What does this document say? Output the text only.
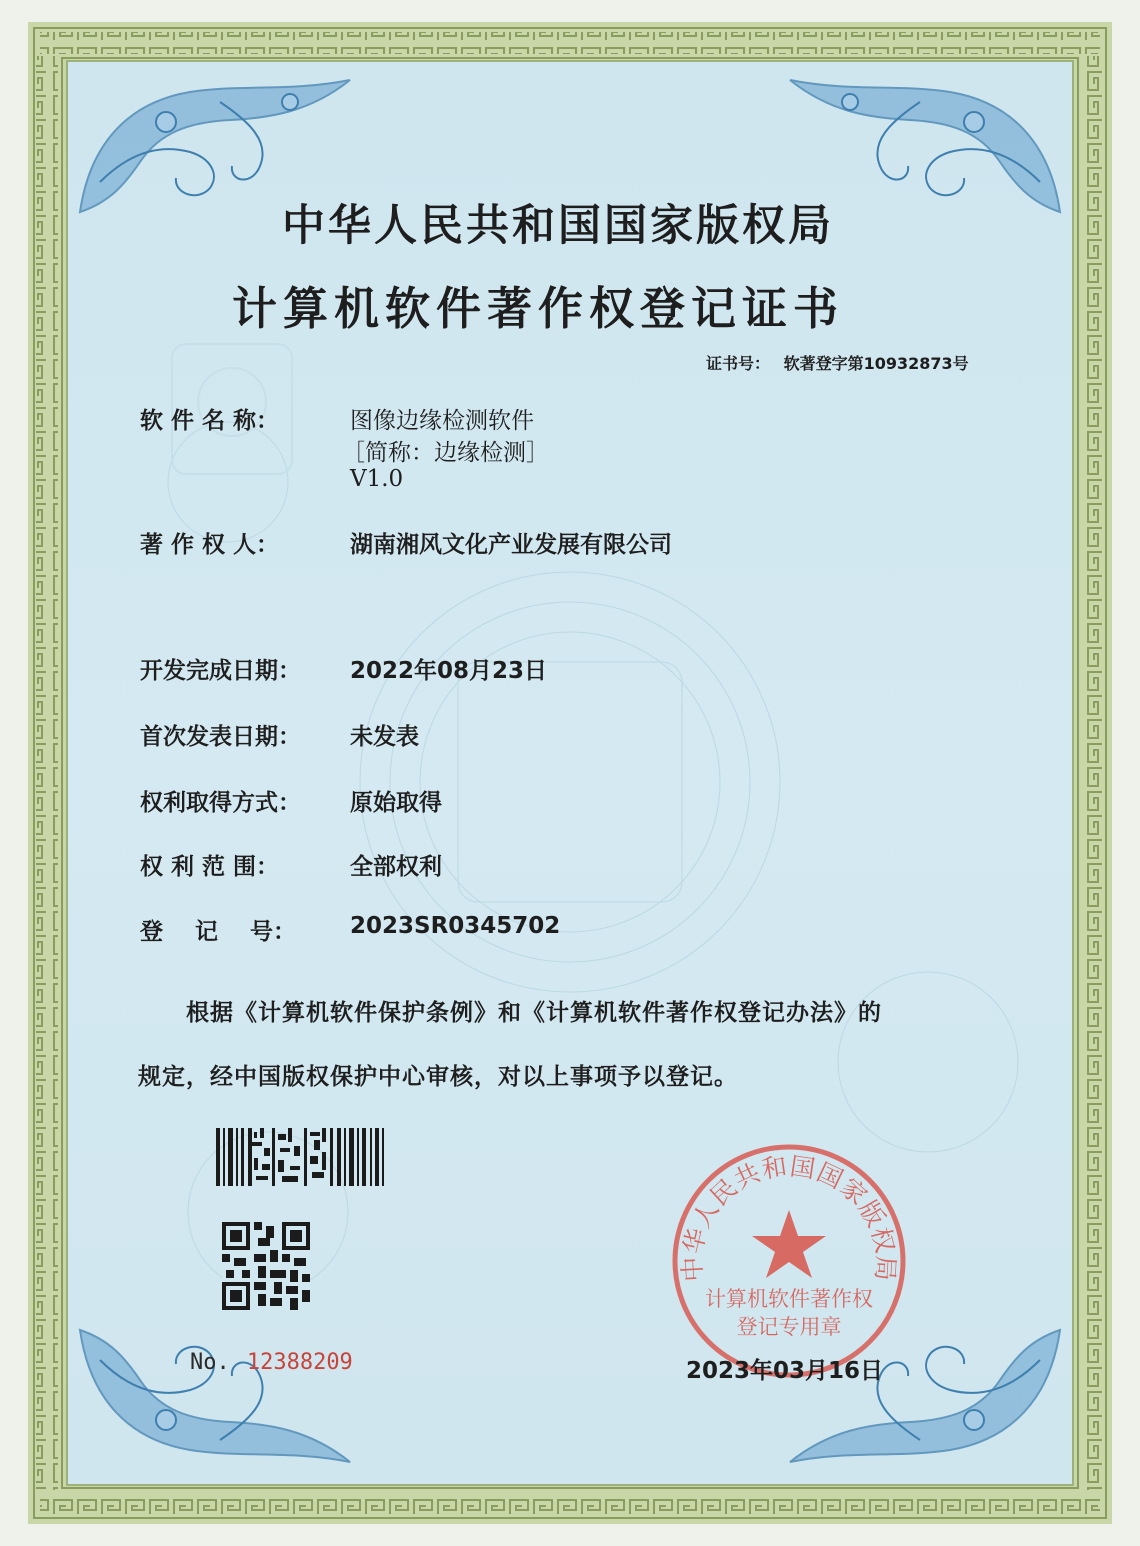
中华人民共和国国家版权局
计算机软件著作权登记证书
证书号： 软著登字第10932873号
软 件 名 称：	图像边缘检测软件
［简称：边缘检测］
V1.0
著 作 权 人：	湖南湘风文化产业发展有限公司
开发完成日期： 2022年08月23日
首次发表日期： 未发表
权利取得方式： 原始取得
权 利 范 围：	全部权利
登    记    号： 2023SR0345702
根据《计算机软件保护条例》和《计算机软件著作权登记办法》的
规定，经中国版权保护中心审核，对以上事项予以登记。
No. 12388209
中华人民共和国国家版权局
计算机软件著作权
登记专用章
2023年03月16日
